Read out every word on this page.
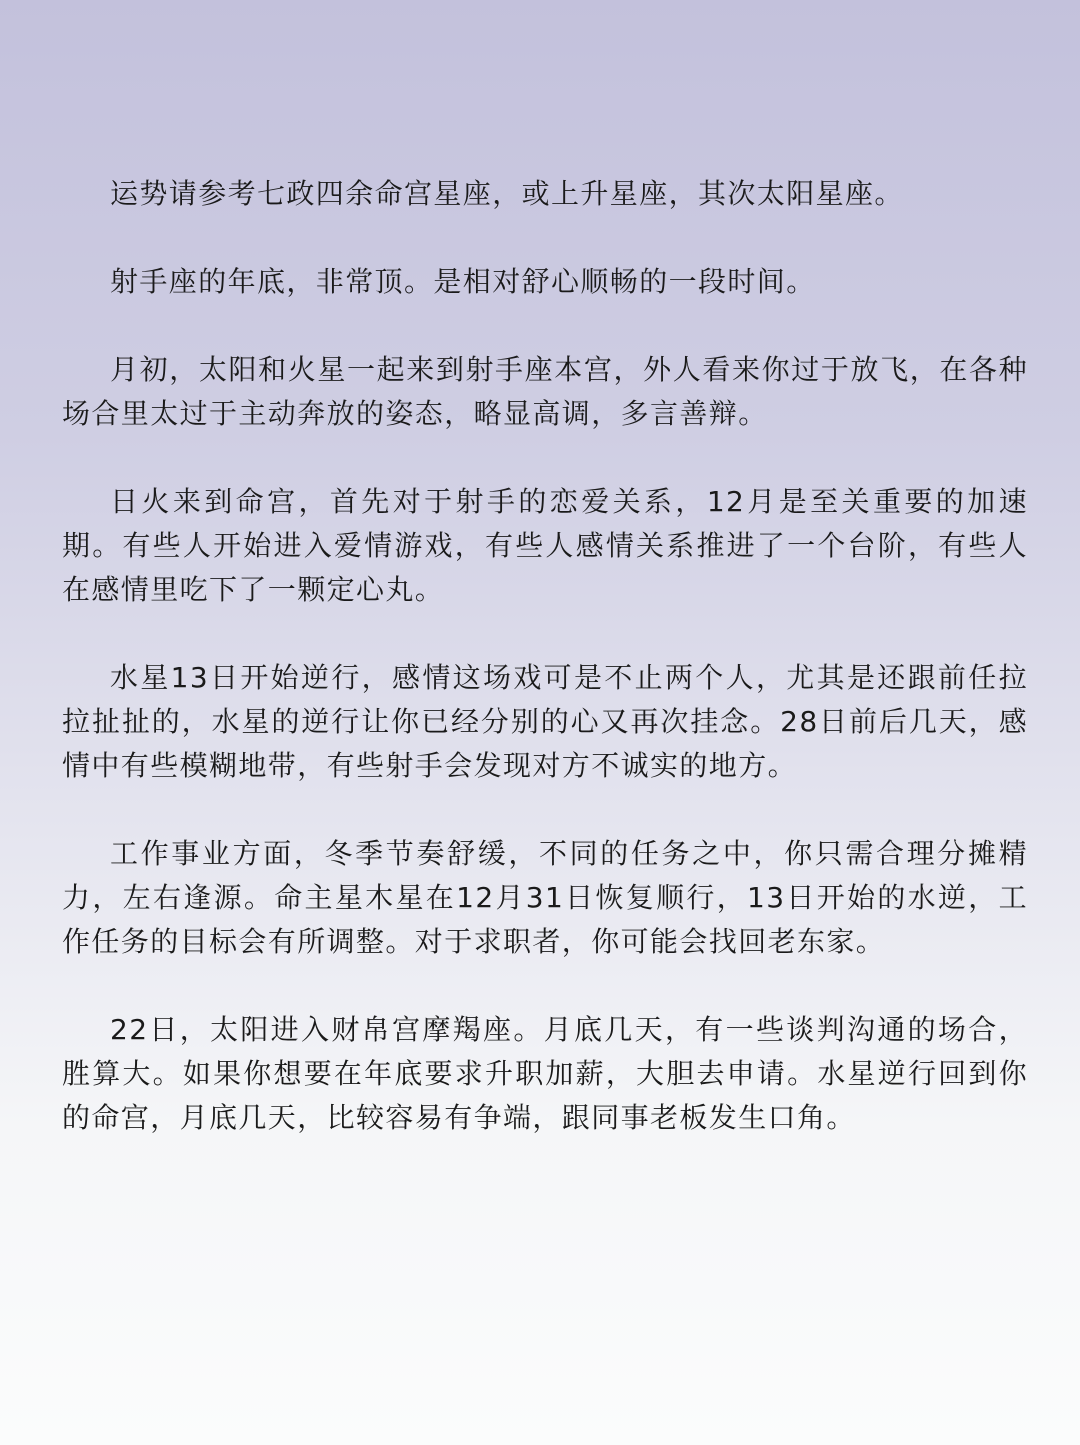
运势请参考七政四余命宫星座，或上升星座，其次太阳星座。

射手座的年底，非常顶。是相对舒心顺畅的一段时间。

月初，太阳和火星一起来到射手座本宫，外人看来你过于放飞，在各种场合里太过于主动奔放的姿态，略显高调，多言善辩。

日火来到命宫，首先对于射手的恋爱关系，12月是至关重要的加速期。有些人开始进入爱情游戏，有些人感情关系推进了一个台阶，有些人在感情里吃下了一颗定心丸。

水星13日开始逆行，感情这场戏可是不止两个人，尤其是还跟前任拉拉扯扯的，水星的逆行让你已经分别的心又再次挂念。28日前后几天，感情中有些模糊地带，有些射手会发现对方不诚实的地方。

工作事业方面，冬季节奏舒缓，不同的任务之中，你只需合理分摊精力，左右逢源。命主星木星在12月31日恢复顺行，13日开始的水逆，工作任务的目标会有所调整。对于求职者，你可能会找回老东家。

22日，太阳进入财帛宫摩羯座。月底几天，有一些谈判沟通的场合，胜算大。如果你想要在年底要求升职加薪，大胆去申请。水星逆行回到你的命宫，月底几天，比较容易有争端，跟同事老板发生口角。
